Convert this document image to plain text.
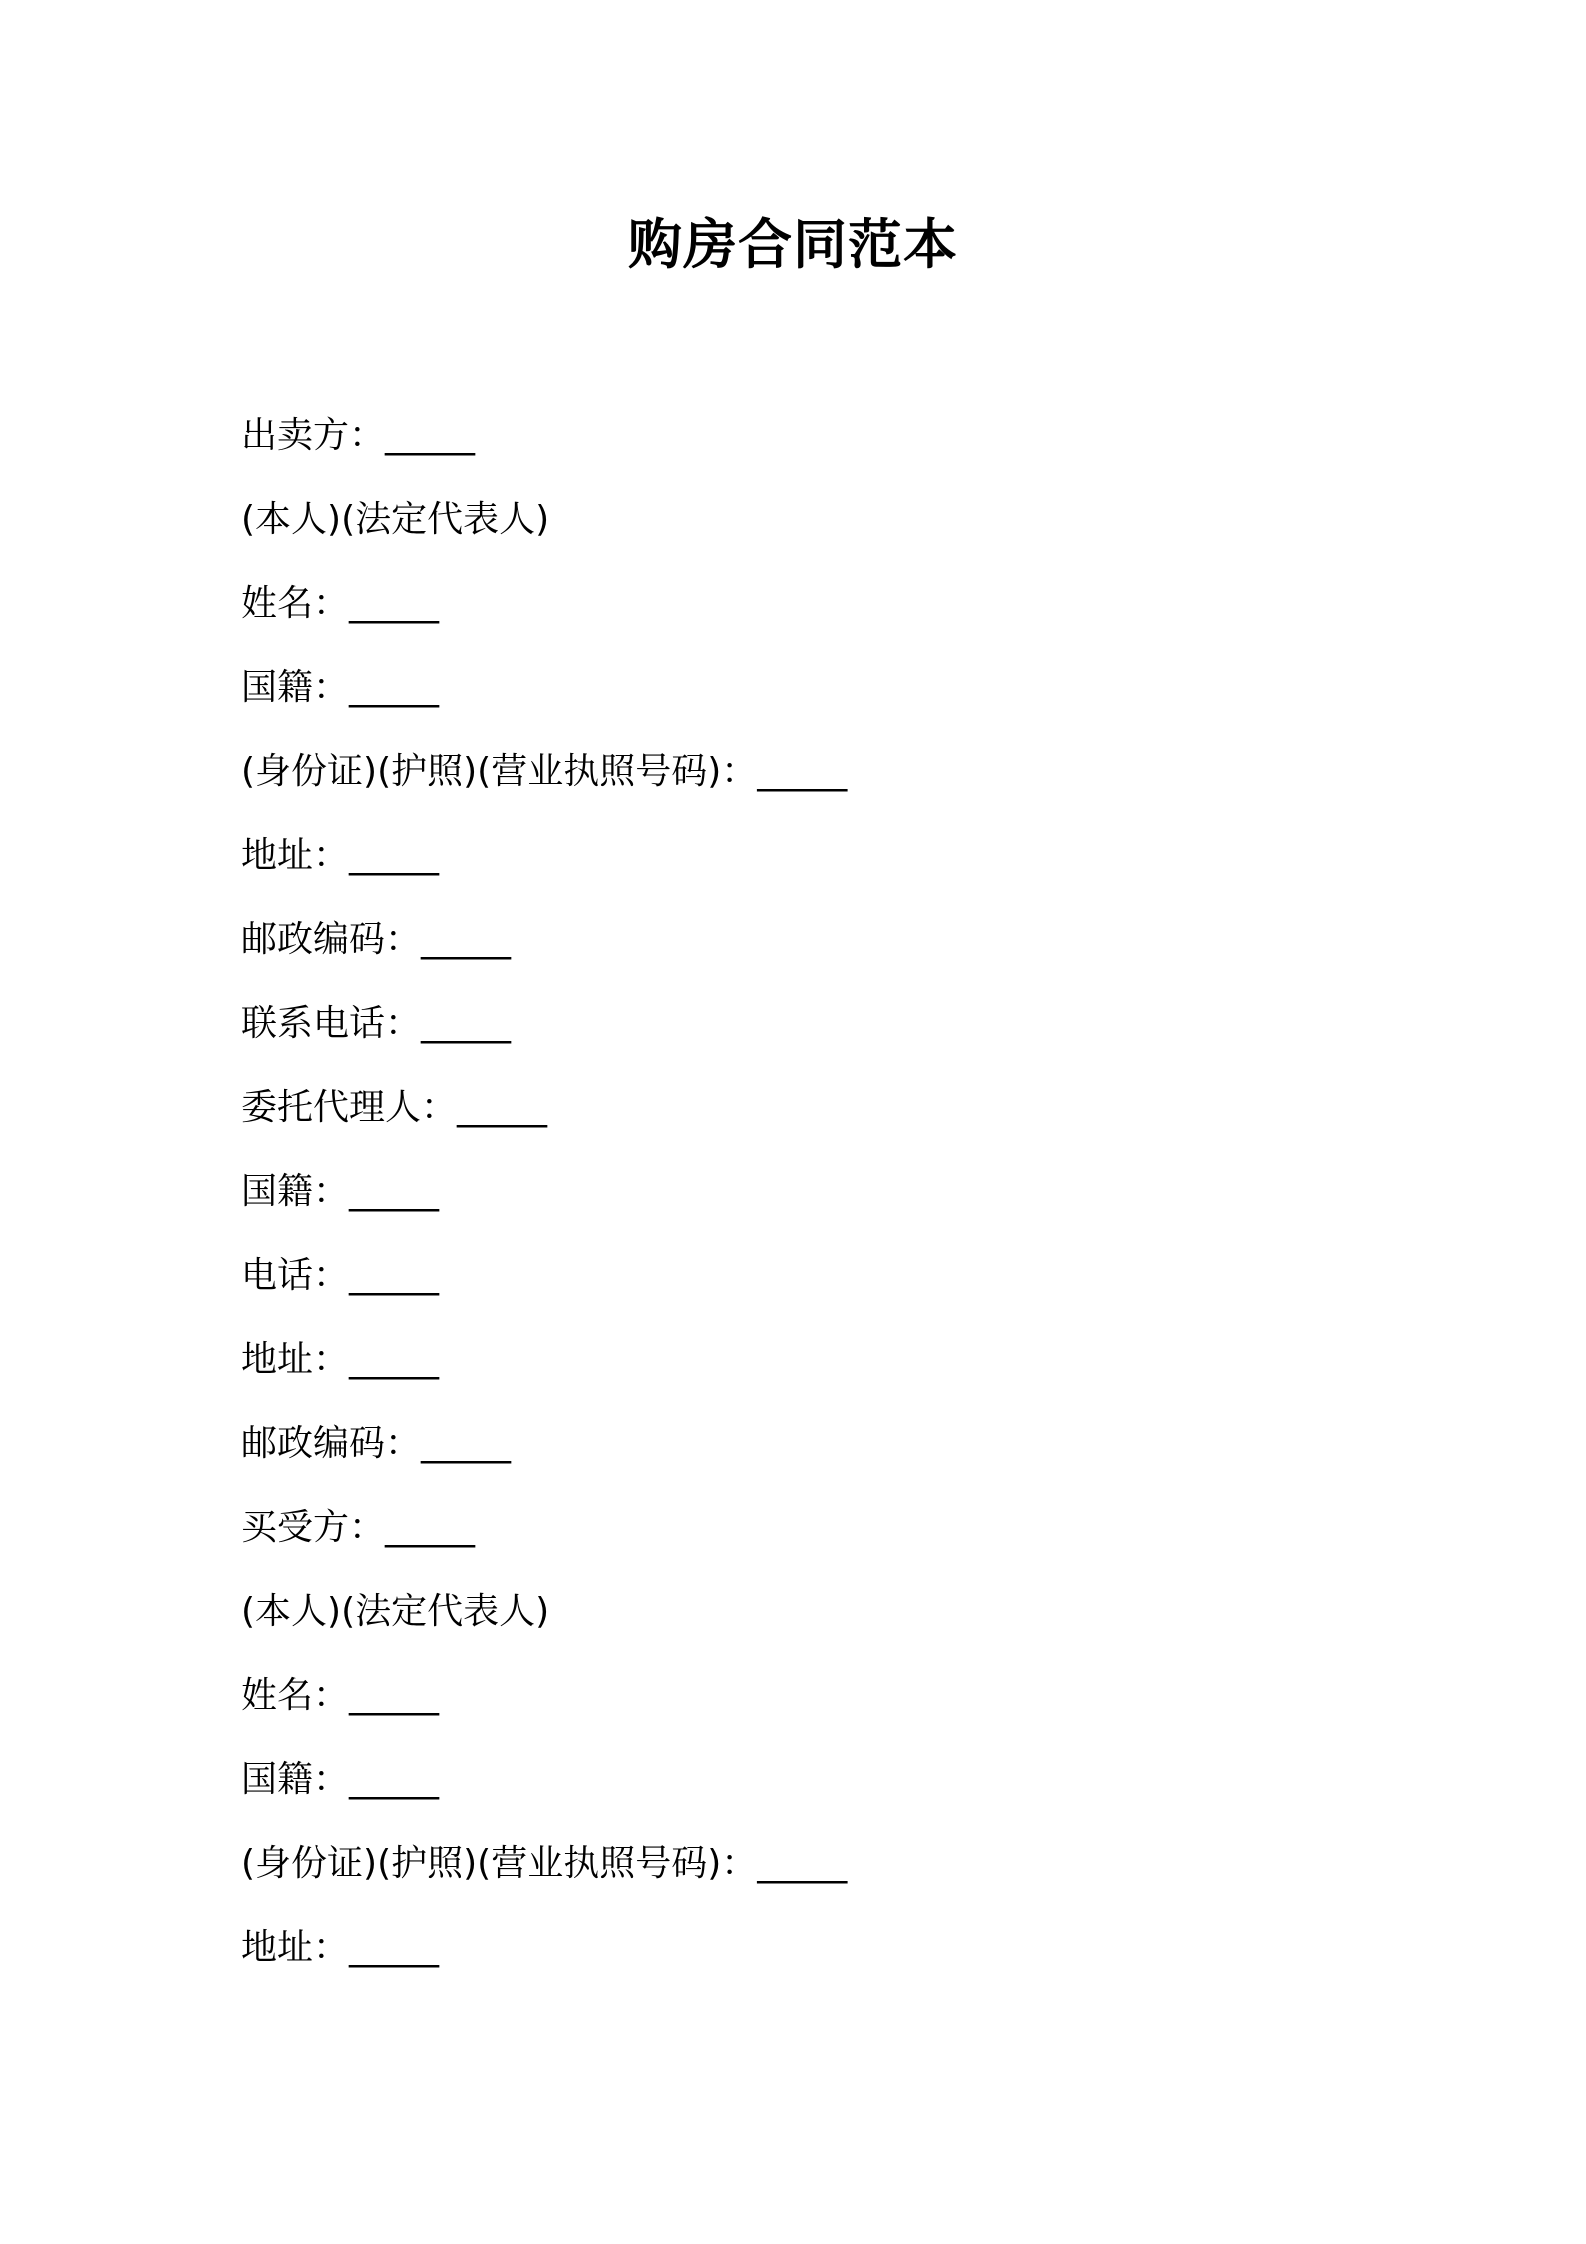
购房合同范本
出卖方：_____
(本人)(法定代表人)
姓名：_____
国籍：_____
(身份证)(护照)(营业执照号码)：_____
地址：_____
邮政编码：_____
联系电话：_____
委托代理人：_____
国籍：_____
电话：_____
地址：_____
邮政编码：_____
买受方：_____
(本人)(法定代表人)
姓名：_____
国籍：_____
(身份证)(护照)(营业执照号码)：_____
地址：_____
